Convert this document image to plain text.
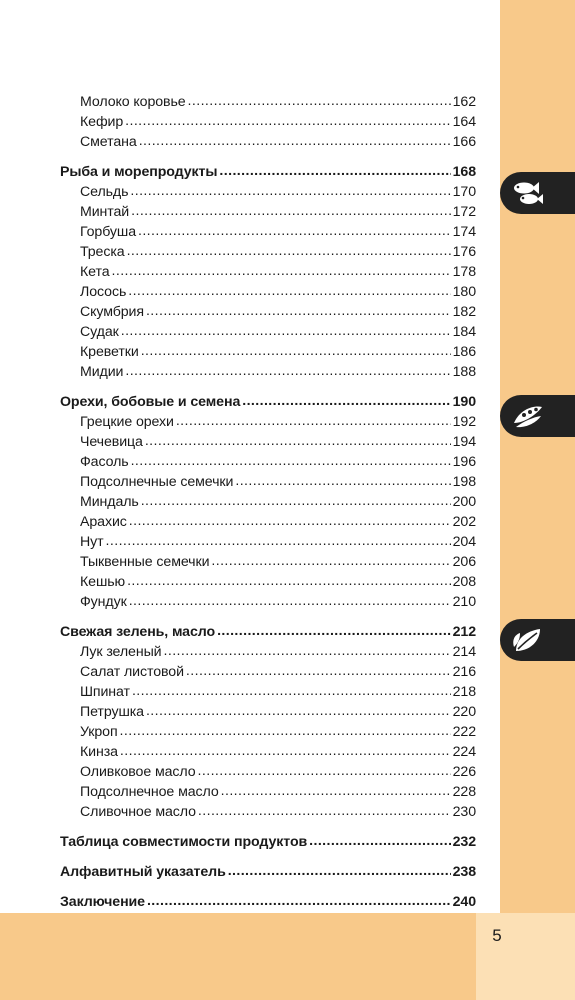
5
Молоко коровье .....	162
Кефир .....	164
Сметана .....	166
Рыба и морепродукты .....	168
Сельдь .....	170
Минтай .....	172
Горбуша .....	174
Треска .....	176
Кета .....	178
Лосось .....	180
Скумбрия .....	182
Судак .....	184
Креветки .....	186
Мидии .....	188
Орехи, бобовые и семена .....	190
Грецкие орехи .....	192
Чечевица .....	194
Фасоль .....	196
Подсолнечные семечки .....	198
Миндаль .....	200
Арахис .....	202
Нут .....	204
Тыквенные семечки .....	206
Кешью .....	208
Фундук .....	210
Свежая зелень, масло .....	212
Лук зеленый .....	214
Салат листовой .....	216
Шпинат .....	218
Петрушка .....	220
Укроп .....	222
Кинза .....	224
Оливковое масло .....	226
Подсолнечное масло .....	228
Сливочное масло .....	230
Таблица совместимости продуктов .....	232
Алфавитный указатель .....	238
Заключение .....	240
